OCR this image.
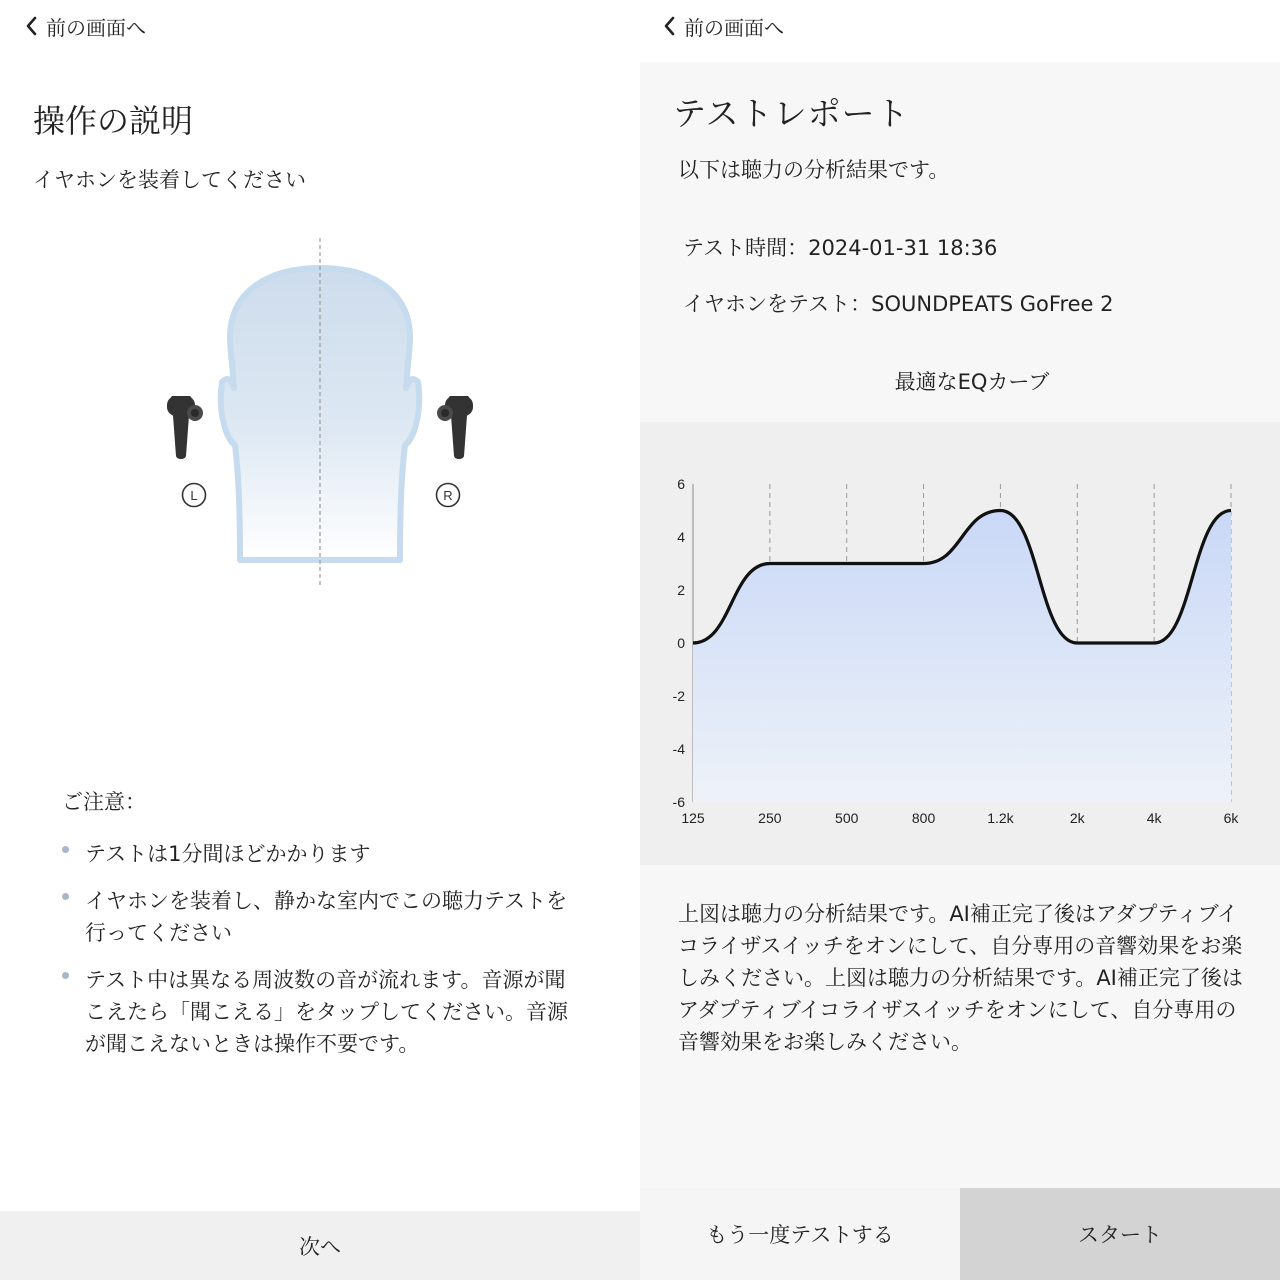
前の画面へ
操作の説明
イヤホンを装着してください
L	R
ご注意：
テストは1分間ほどかかります
イヤホンを装着し、静かな室内でこの聴力テストを行ってください
テスト中は異なる周波数の音が流れます。音源が聞こえたら「聞こえる」をタップしてください。音源が聞こえないときは操作不要です。
次へ
前の画面へ
テストレポート
以下は聴力の分析結果です。
テスト時間：2024-01-31 18:36
イヤホンをテスト：SOUNDPEATS GoFree 2
最適なEQカーブ
6
4
2
0
-2
-4
-6
125	250	500	800	1.2k	2k	4k	6k
上図は聴力の分析結果です。AI補正完了後はアダプティブイコライザスイッチをオンにして、自分専用の音響効果をお楽しみください。上図は聴力の分析結果です。AI補正完了後はアダプティブイコライザスイッチをオンにして、自分専用の音響効果をお楽しみください。
もう一度テストする	スタート
